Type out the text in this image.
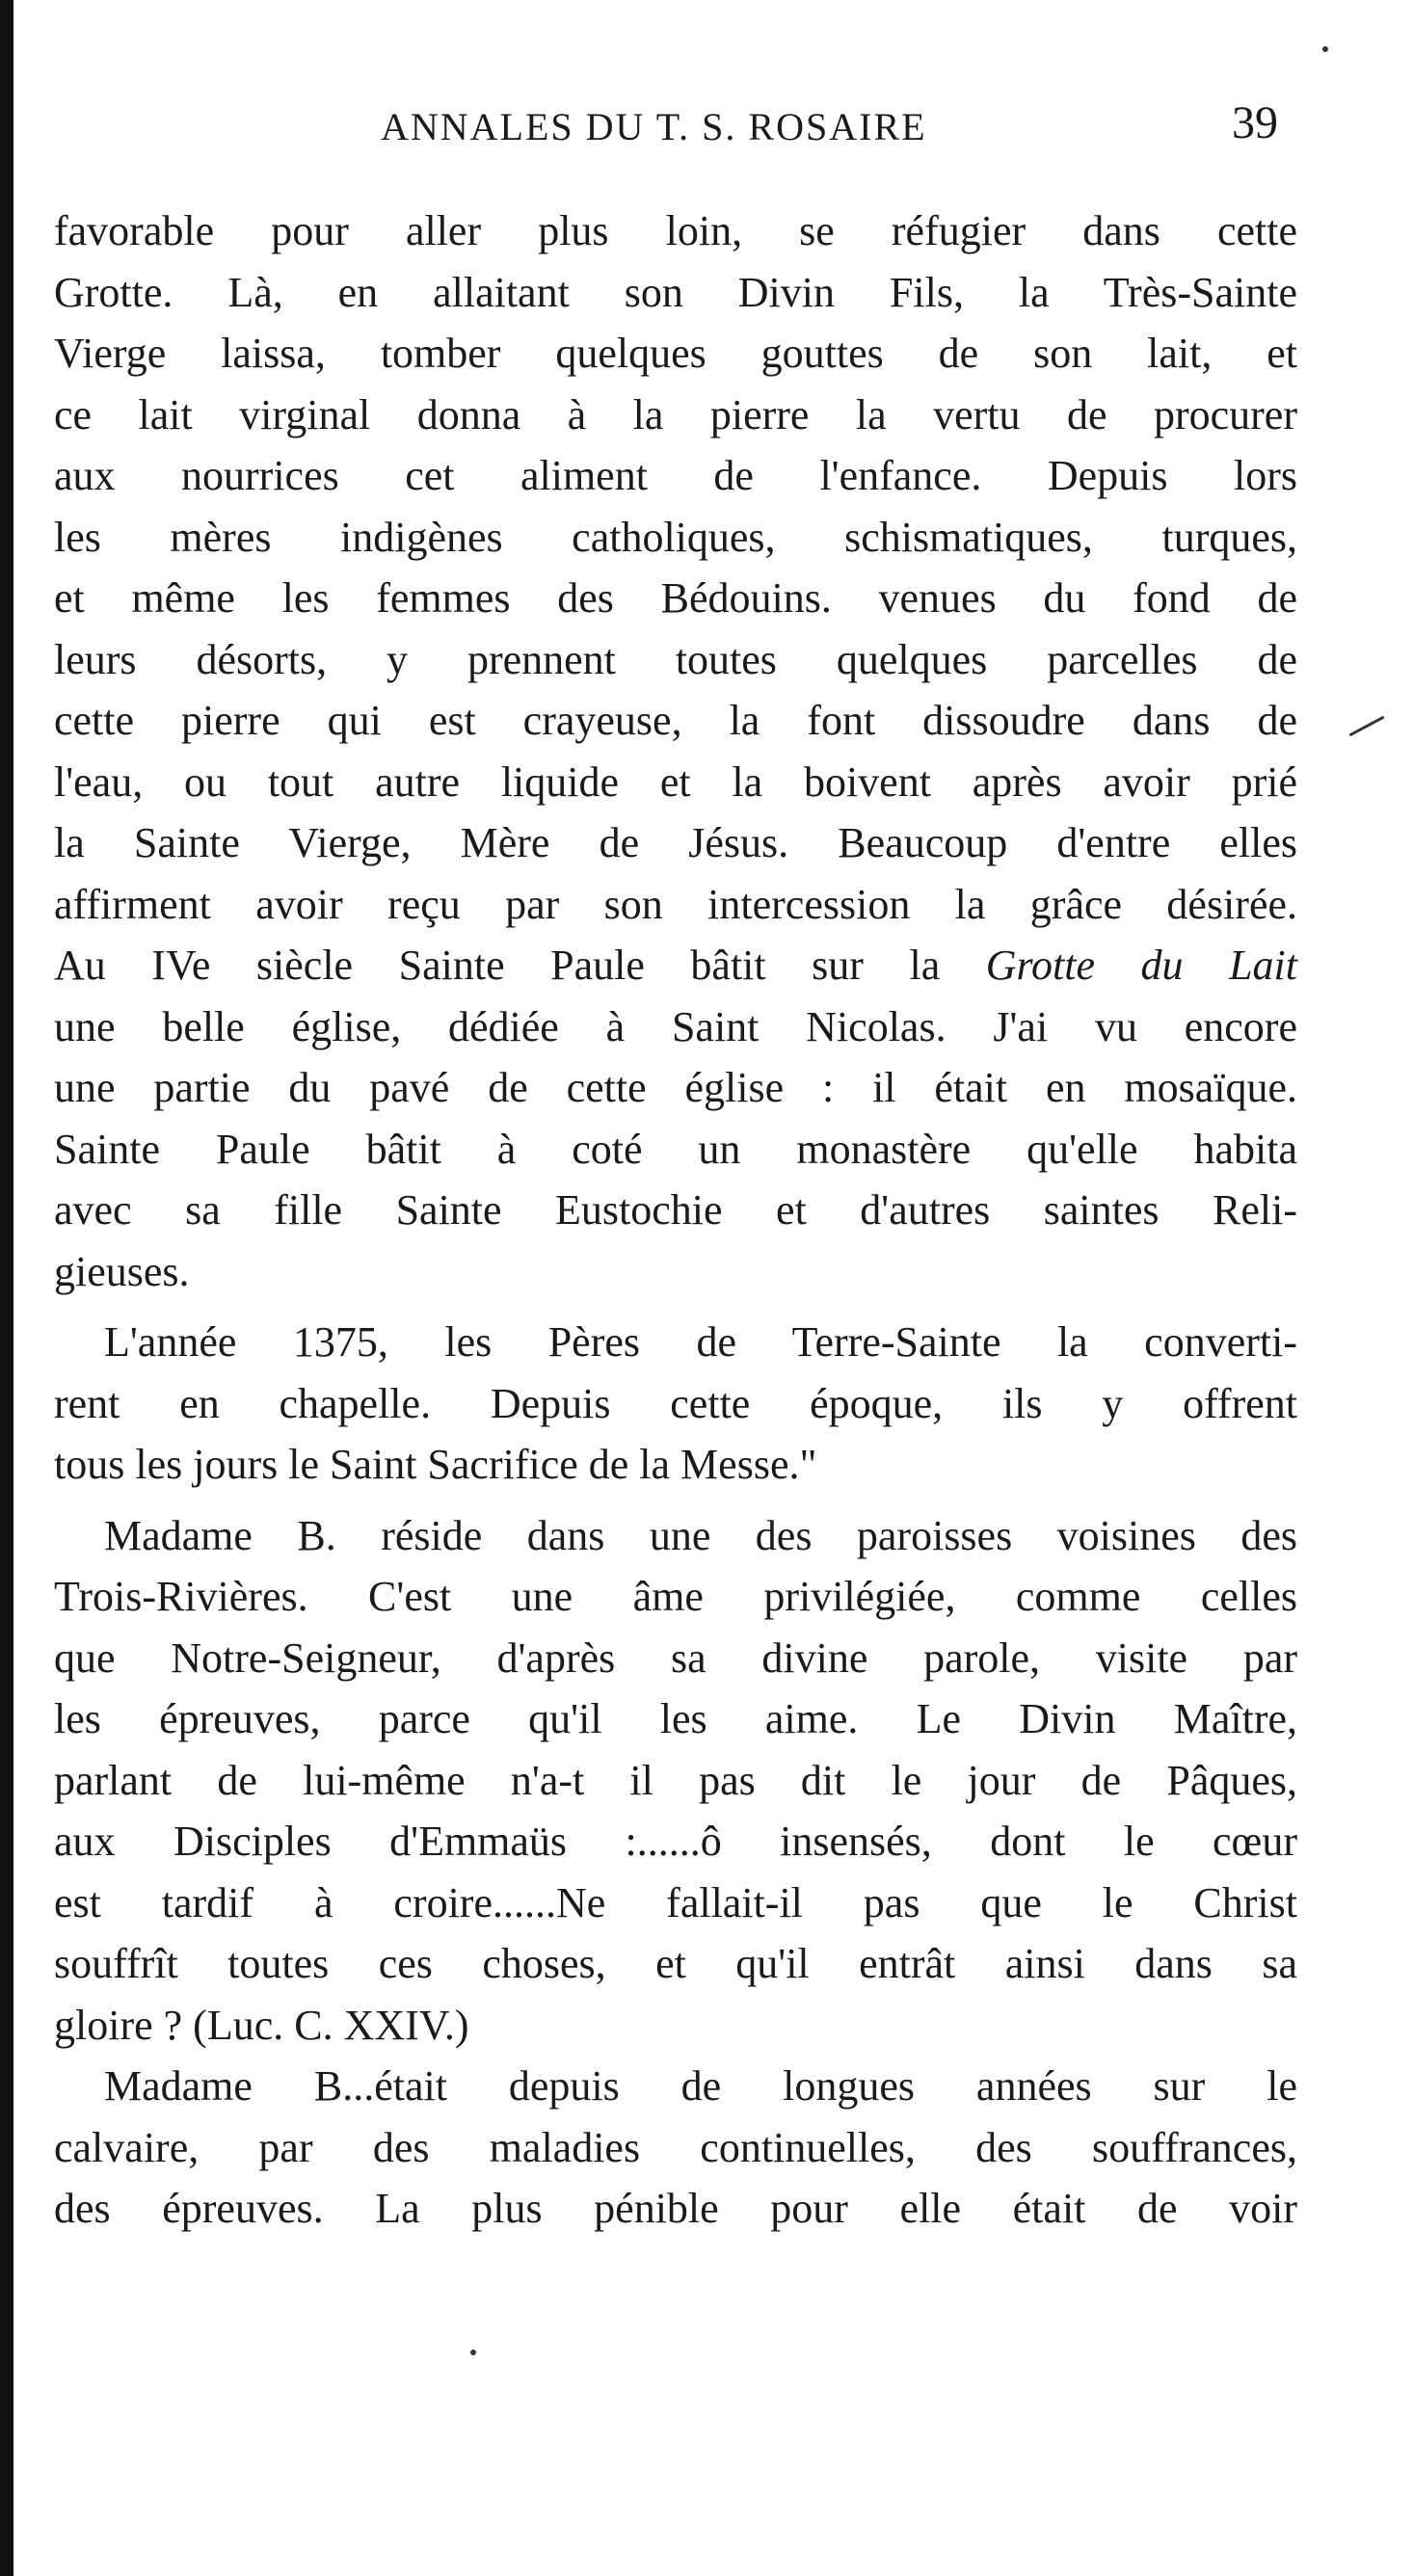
ANNALES DU T. S. ROSAIRE	39
favorable pour aller plus loin, se réfugier dans cette
Grotte. Là, en allaitant son Divin Fils, la Très-Sainte
Vierge laissa, tomber quelques gouttes de son lait, et
ce lait virginal donna à la pierre la vertu de procurer
aux nourrices cet aliment de l'enfance. Depuis lors
les mères indigènes catholiques, schismatiques, turques,
et même les femmes des Bédouins. venues du fond de
leurs désorts, y prennent toutes quelques parcelles de
cette pierre qui est crayeuse, la font dissoudre dans de
l'eau, ou tout autre liquide et la boivent après avoir prié
la Sainte Vierge, Mère de Jésus. Beaucoup d'entre elles
affirment avoir reçu par son intercession la grâce désirée.
Au IVe siècle Sainte Paule bâtit sur la Grotte du Lait
une belle église, dédiée à Saint Nicolas. J'ai vu encore
une partie du pavé de cette église : il était en mosaïque.
Sainte Paule bâtit à coté un monastère qu'elle habita
avec sa fille Sainte Eustochie et d'autres saintes Reli-
gieuses.
L'année 1375, les Pères de Terre-Sainte la converti-
rent en chapelle. Depuis cette époque, ils y offrent
tous les jours le Saint Sacrifice de la Messe."
Madame B. réside dans une des paroisses voisines des
Trois-Rivières. C'est une âme privilégiée, comme celles
que Notre-Seigneur, d'après sa divine parole, visite par
les épreuves, parce qu'il les aime. Le Divin Maître,
parlant de lui-même n'a-t il pas dit le jour de Pâques,
aux Disciples d'Emmaüs :......ô insensés, dont le cœur
est tardif à croire......Ne fallait-il pas que le Christ
souffrît toutes ces choses, et qu'il entrât ainsi dans sa
gloire ? (Luc. C. XXIV.)
Madame B...était depuis de longues années sur le
calvaire, par des maladies continuelles, des souffrances,
des épreuves. La plus pénible pour elle était de voir
